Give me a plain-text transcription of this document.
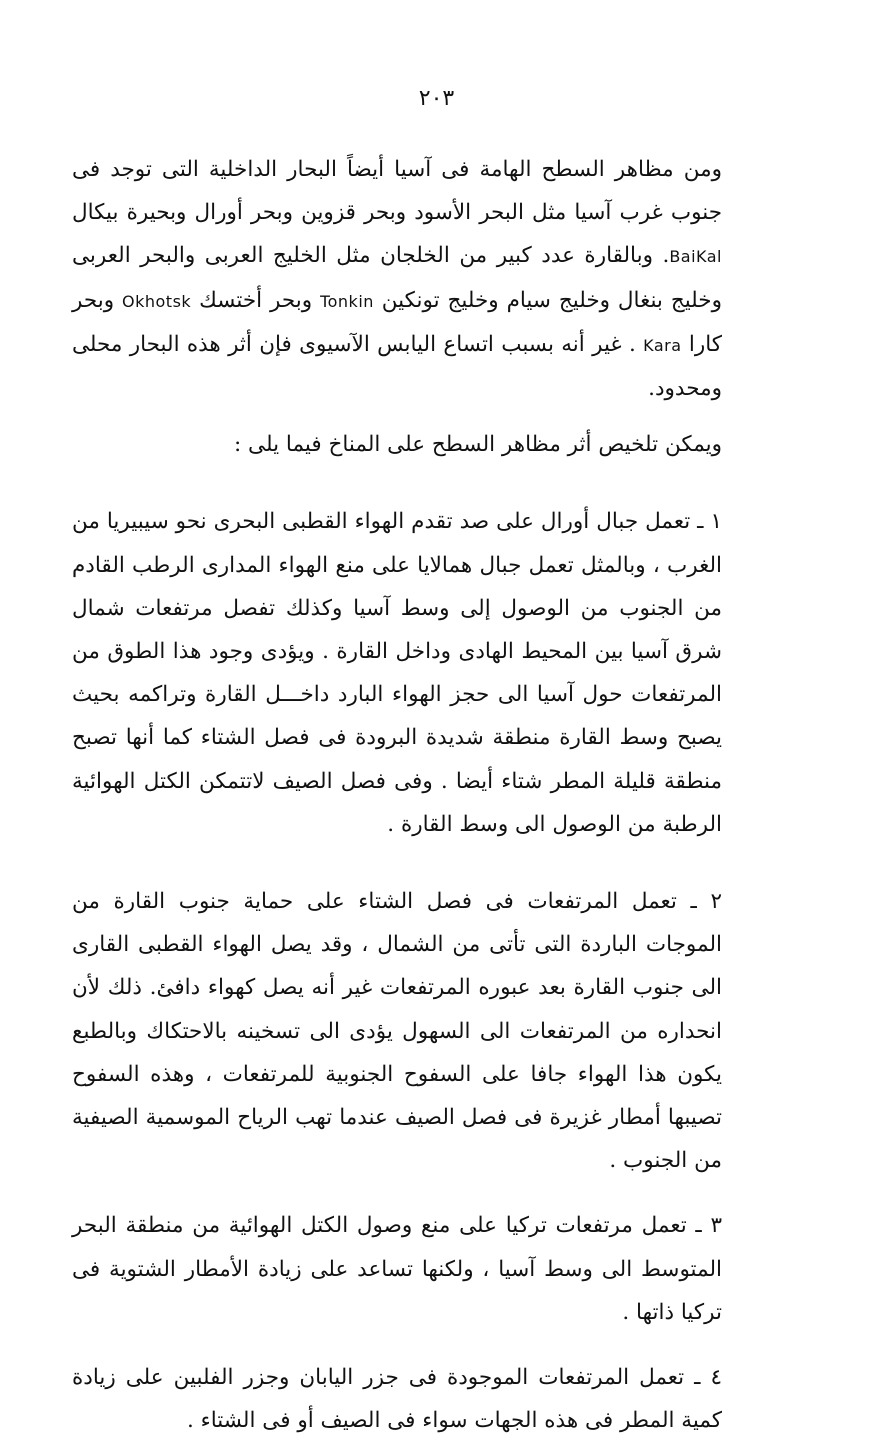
٢٠٣

ومن مظاهر السطح الهامة فى آسيا أيضاً البحار الداخلية التى توجد فى جنوب غرب آسيا مثل البحر الأسود وبحر قزوين وبحر أورال وبحيرة بيكال BaiKal. وبالقارة عدد كبير من الخلجان مثل الخليج العربى والبحر العربى وخليج بنغال وخليج سيام وخليج تونكين Tonkin وبحر أختسك Okhotsk وبحر كارا Kara . غير أنه بسبب اتساع اليابس الآسيوى فإن أثر هذه البحار محلى ومحدود.

ويمكن تلخيص أثر مظاهر السطح على المناخ فيما يلى :

١ ـ تعمل جبال أورال على صد تقدم الهواء القطبى البحرى نحو سيبيريا من الغرب ، وبالمثل تعمل جبال همالايا على منع الهواء المدارى الرطب القادم من الجنوب من الوصول إلى وسط آسيا وكذلك تفصل مرتفعات شمال شرق آسيا بين المحيط الهادى وداخل القارة . ويؤدى وجود هذا الطوق من المرتفعات حول آسيا الى حجز الهواء البارد داخـــل القارة وتراكمه بحيث يصبح وسط القارة منطقة شديدة البرودة فى فصل الشتاء كما أنها تصبح منطقة قليلة المطر شتاء أيضا . وفى فصل الصيف لاتتمكن الكتل الهوائية الرطبة من الوصول الى وسط القارة .

٢ ـ تعمل المرتفعات فى فصل الشتاء على حماية جنوب القارة من الموجات الباردة التى تأتى من الشمال ، وقد يصل الهواء القطبى القارى الى جنوب القارة بعد عبوره المرتفعات غير أنه يصل كهواء دافئ. ذلك لأن انحداره من المرتفعات الى السهول يؤدى الى تسخينه بالاحتكاك وبالطبع يكون هذا الهواء جافا على السفوح الجنوبية للمرتفعات ، وهذه السفوح تصيبها أمطار غزيرة فى فصل الصيف عندما تهب الرياح الموسمية الصيفية من الجنوب .

٣ ـ تعمل مرتفعات تركيا على منع وصول الكتل الهوائية من منطقة البحر المتوسط الى وسط آسيا ، ولكنها تساعد على زيادة الأمطار الشتوية فى تركيا ذاتها .

٤ ـ تعمل المرتفعات الموجودة فى جزر اليابان وجزر الفلبين على زيادة كمية المطر فى هذه الجهات سواء فى الصيف أو فى الشتاء .
